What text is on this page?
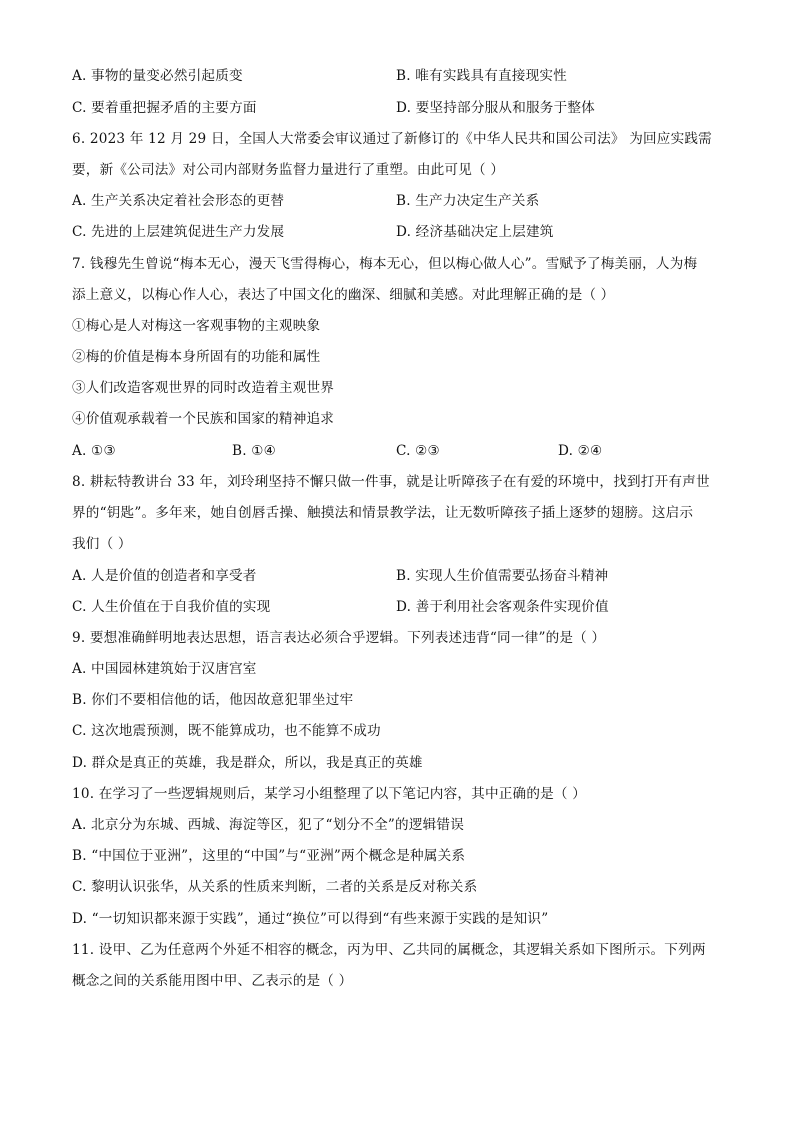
A. 事物的量变必然引起质变	B. 唯有实践具有直接现实性
C. 要着重把握矛盾的主要方面	D. 要坚持部分服从和服务于整体
6. 2023 年 12 月 29 日，全国人大常委会审议通过了新修订的《中华人民共和国公司法》 为回应实践需
要，新《公司法》对公司内部财务监督力量进行了重塑。由此可见（ ）
A. 生产关系决定着社会形态的更替	B. 生产力决定生产关系
C. 先进的上层建筑促进生产力发展	D. 经济基础决定上层建筑
7. 钱穆先生曾说“梅本无心，漫天飞雪得梅心，梅本无心，但以梅心做人心”。雪赋予了梅美丽，人为梅
添上意义，以梅心作人心，表达了中国文化的幽深、细腻和美感。对此理解正确的是（ ）
①梅心是人对梅这一客观事物的主观映象
②梅的价值是梅本身所固有的功能和属性
③人们改造客观世界的同时改造着主观世界
④价值观承载着一个民族和国家的精神追求
A. ①③	B. ①④	C. ②③	D. ②④
8. 耕耘特教讲台 33 年，刘玲琍坚持不懈只做一件事，就是让听障孩子在有爱的环境中，找到打开有声世
界的“钥匙”。多年来，她自创唇舌操、触摸法和情景教学法，让无数听障孩子插上逐梦的翅膀。这启示
我们（ ）
A. 人是价值的创造者和享受者	B. 实现人生价值需要弘扬奋斗精神
C. 人生价值在于自我价值的实现	D. 善于利用社会客观条件实现价值
9. 要想准确鲜明地表达思想，语言表达必须合乎逻辑。下列表述违背“同一律”的是（ ）
A. 中国园林建筑始于汉唐宫室
B. 你们不要相信他的话，他因故意犯罪坐过牢
C. 这次地震预测，既不能算成功，也不能算不成功
D. 群众是真正的英雄，我是群众，所以，我是真正的英雄
10. 在学习了一些逻辑规则后，某学习小组整理了以下笔记内容，其中正确的是（ ）
A. 北京分为东城、西城、海淀等区，犯了“划分不全”的逻辑错误
B. “中国位于亚洲”，这里的“中国”与“亚洲”两个概念是种属关系
C. 黎明认识张华，从关系的性质来判断，二者的关系是反对称关系
D. “一切知识都来源于实践”，通过“换位”可以得到“有些来源于实践的是知识”
11. 设甲、乙为任意两个外延不相容的概念，丙为甲、乙共同的属概念，其逻辑关系如下图所示。下列两
概念之间的关系能用图中甲、乙表示的是（ ）
